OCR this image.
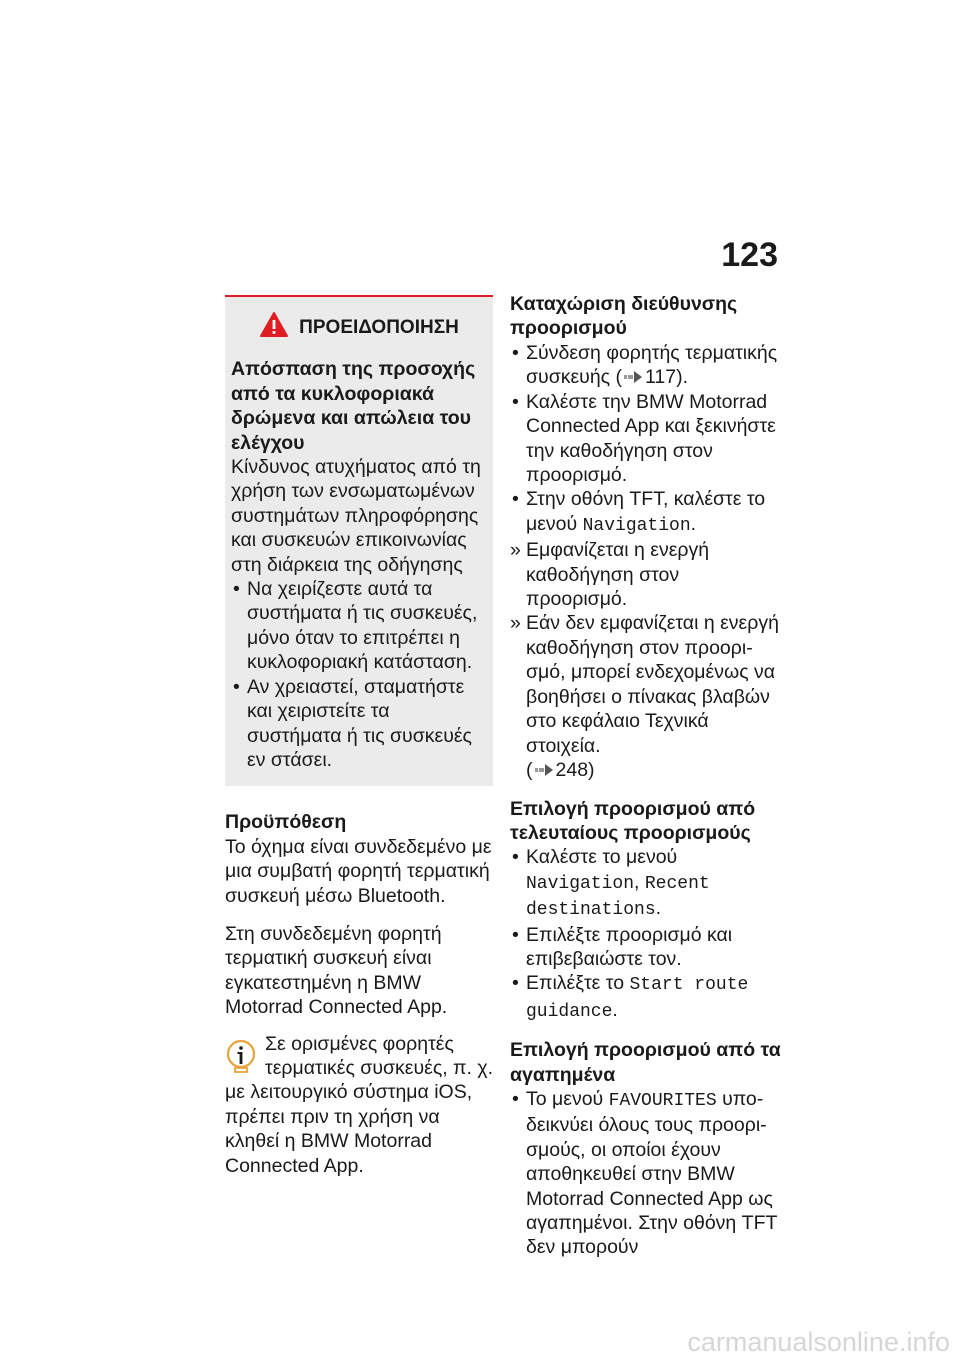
123
ΠΡΟΕΙΔΟΠΟΙΗΣΗ
Απόσπαση της προσοχής από τα κυκλοφοριακά δρώμενα και απώλεια του ελέγχου

Κίνδυνος ατυχήματος από τη χρήση των ενσωματωμένων συστημάτων πληροφόρησης και συσκευών επικοινωνίας στη διάρκεια της οδήγησης

• Να χειρίζεστε αυτά τα συστήματα ή τις συσκευές, μόνο όταν το επιτρέπει η κυκλοφοριακή κατάσταση.
• Αν χρειαστεί, σταματήστε και χειριστείτε τα συστήματα ή τις συσκευές εν στάσει.
Προϋπόθεση

Το όχημα είναι συνδεδεμένο με μια συμβατή φορητή τερματική συσκευή μέσω Bluetooth.

Στη συνδεδεμένη φορητή τερματική συσκευή είναι εγκατεστημένη η BMW Motorrad Connected App.

Σε ορισμένες φορητές τερματικές συσκευές, π. χ. με λειτουργικό σύστημα iOS, πρέπει πριν τη χρήση να κληθεί η BMW Motorrad Connected App.

Καταχώριση διεύθυνσης προορισμού
• Σύνδεση φορητής τερματικής συσκευής ( 117 ).
• Καλέστε την BMW Motorrad Connected App και ξεκινήστε την καθοδήγηση στον προορισμό.
• Στην οθόνη TFT, καλέστε το μενού Navigation.
» Εμφανίζεται η ενεργή καθοδήγηση στον προορισμό.
» Εάν δεν εμφανίζεται η ενεργή καθοδήγηση στον προορισμό, μπορεί ενδεχομένως να βοηθήσει ο πίνακας βλαβών στο κεφάλαιο Τεχνικά στοιχεία.
( 248 )
Επιλογή προορισμού από τελευταίους προορισμούς
• Καλέστε το μενού
Navigation, Recent destinations.
• Επιλέξτε προορισμό και επιβεβαιώστε τον.
• Επιλέξτε το Start route guidance.
Επιλογή προορισμού από τα αγαπημένα
• Το μενού FAVOURITES υποδεικνύει όλους τους προορισμούς, οι οποίοι έχουν αποθηκευθεί στην BMW Motorrad Connected App ως αγαπημένοι. Στην οθόνη TFT δεν μπορούν
carmanualsonline.info
